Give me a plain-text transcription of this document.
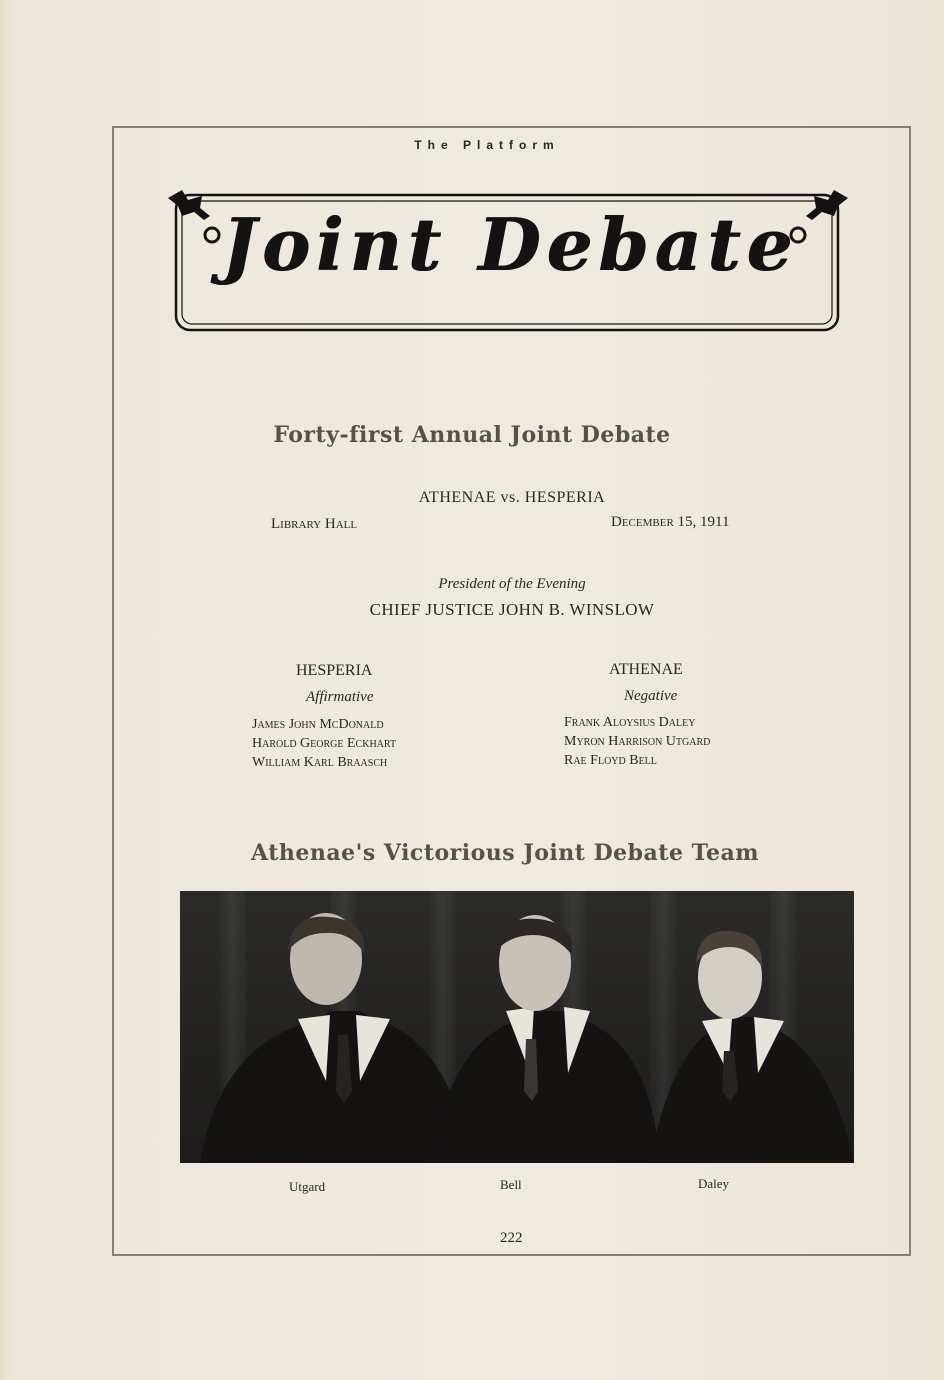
The Platform
Joint Debate
Forty-first Annual Joint Debate
ATHENAE vs. HESPERIA
Library Hall	December 15, 1911
President of the Evening
CHIEF JUSTICE JOHN B. WINSLOW
HESPERIA
Affirmative
James John McDonald
Harold George Eckhart
William Karl Braasch
ATHENAE
Negative
Frank Aloysius Daley
Myron Harrison Utgard
Rae Floyd Bell
Athenae's Victorious Joint Debate Team
Utgard	Bell	Daley
222
